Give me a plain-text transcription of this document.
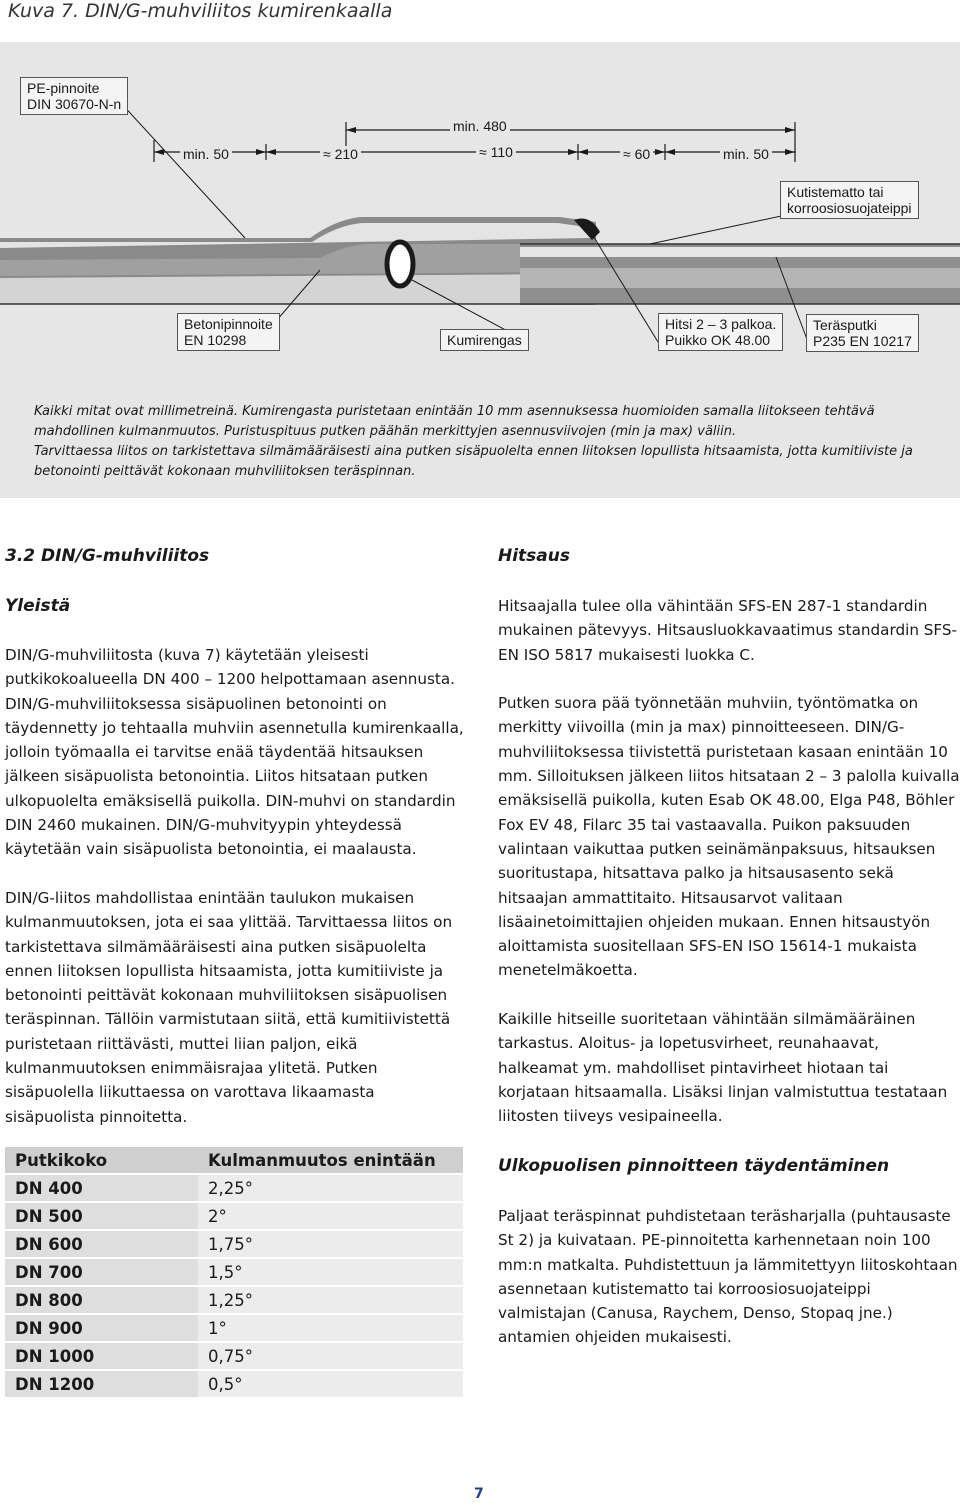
Kuva 7. DIN/G-muhviliitos kumirenkaalla
PE-pinnoite
DIN 30670-N-n
min. 480
min. 50	≈ 210	≈ 110	≈ 60	min. 50
Kutistematto tai
korroosiosuojateippi
Betonipinnoite
EN 10298	Kumirengas
Hitsi 2 – 3 palkoa.
Puikko OK 48.00
Teräsputki
P235 EN 10217

Kaikki mitat ovat millimetreinä. Kumirengasta puristetaan enintään 10 mm asennuksessa huomioiden samalla liitokseen tehtävä mahdollinen kulmanmuutos. Puristuspituus putken päähän merkittyjen asennusviivojen (min ja max) väliin.

Tarvittaessa liitos on tarkistettava silmämääräisesti aina putken sisäpuolelta ennen liitoksen lopullista hitsaamista, jotta kumitiiviste ja betonointi peittävät kokonaan muhviliitoksen teräspinnan.

3.2 DIN/G-muhviliitos
Yleistä

DIN/G-muhviliitosta (kuva 7) käytetään yleisesti putkikokoalueella DN 400 – 1200 helpottamaan asennusta. DIN/G-muhviliitoksessa sisäpuolinen betonointi on täydennetty jo tehtaalla muhviin asennetulla kumirenkaalla, jolloin työmaalla ei tarvitse enää täydentää hitsauksen jälkeen sisäpuolista betonointia. Liitos hitsataan putken ulkopuolelta emäksisellä puikolla. DIN-muhvi on standardin DIN 2460 mukainen. DIN/G-muhvityypin yhteydessä käytetään vain sisäpuolista betonointia, ei maalausta.

DIN/G-liitos mahdollistaa enintään taulukon mukaisen kulmanmuutoksen, jota ei saa ylittää. Tarvittaessa liitos on tarkistettava silmämääräisesti aina putken sisäpuolelta ennen liitoksen lopullista hitsaamista, jotta kumitiiviste ja betonointi peittävät kokonaan muhviliitoksen sisäpuolisen teräspinnan. Tällöin varmistutaan siitä, että kumitiivistettä puristetaan riittävästi, muttei liian paljon, eikä kulmanmuutoksen enimmäisrajaa ylitetä. Putken sisäpuolella liikuttaessa on varottava likaamasta sisäpuolista pinnoitetta.

Putkikoko	Kulmanmuutos enintään
DN 400	2,25°
DN 500	2°
DN 600	1,75°
DN 700	1,5°
DN 800	1,25°
DN 900	1°
DN 1000	0,75°
DN 1200	0,5°
Hitsaus

Hitsaajalla tulee olla vähintään SFS-EN 287-1 standardin mukainen pätevyys. Hitsausluokkavaatimus standardin SFS-EN ISO 5817 mukaisesti luokka C.

Putken suora pää työnnetään muhviin, työntömatka on merkitty viivoilla (min ja max) pinnoitteeseen. DIN/G-muhviliitoksessa tiivistettä puristetaan kasaan enintään 10 mm. Silloituksen jälkeen liitos hitsataan 2 – 3 palolla kuivalla emäksisellä puikolla, kuten Esab OK 48.00, Elga P48, Böhler Fox EV 48, Filarc 35 tai vastaavalla. Puikon paksuuden valintaan vaikuttaa putken seinämänpaksuus, hitsauksen suoritustapa, hitsattava palko ja hitsausasento sekä hitsaajan ammattitaito. Hitsausarvot valitaan lisäainetoimittajien ohjeiden mukaan. Ennen hitsaustyön aloittamista suositellaan SFS-EN ISO 15614-1 mukaista menetelmäkoetta.

Kaikille hitseille suoritetaan vähintään silmämääräinen tarkastus. Aloitus- ja lopetusvirheet, reunahaavat, halkeamat ym. mahdolliset pintavirheet hiotaan tai korjataan hitsaamalla. Lisäksi linjan valmistuttua testataan liitosten tiiveys vesipaineella.

Ulkopuolisen pinnoitteen täydentäminen

Paljaat teräspinnat puhdistetaan teräsharjalla (puhtausaste St 2) ja kuivataan. PE-pinnoitetta karhennetaan noin 100 mm:n matkalta. Puhdistettuun ja lämmitettyyn liitoskohtaan asennetaan kutistematto tai korroosiosuojateippi valmistajan (Canusa, Raychem, Denso, Stopaq jne.) antamien ohjeiden mukaisesti.

7
